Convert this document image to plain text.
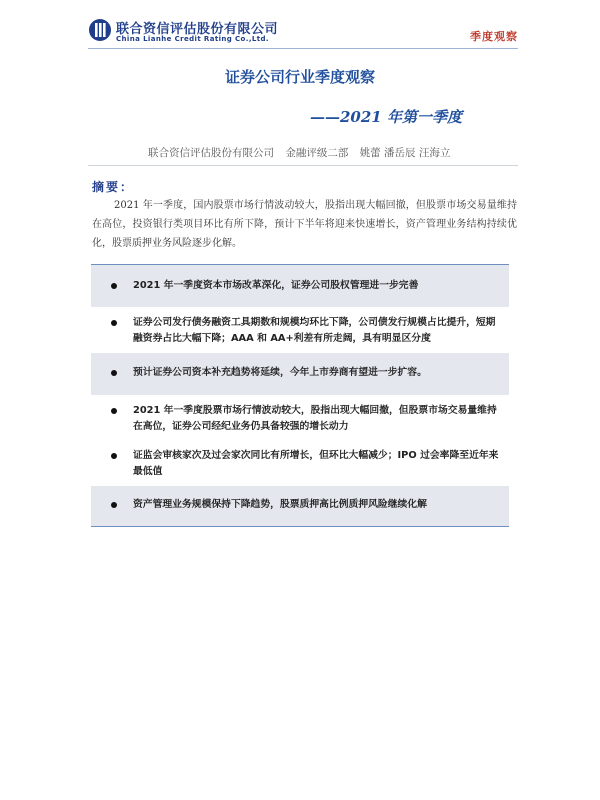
联合资信评估股份有限公司
China Lianhe Credit Rating Co.,Ltd.	季度观察
证券公司行业季度观察
——2021 年第一季度
联合资信评估股份有限公司 金融评级二部 姚蕾 潘岳辰 汪海立
摘要：
2021 年一季度，国内股票市场行情波动较大，股指出现大幅回撤，但股票市场交易量维持在高位，投资银行类项目环比有所下降，预计下半年将迎来快速增长，资产管理业务结构持续优化，股票质押业务风险逐步化解。
2021 年一季度资本市场改革深化，证券公司股权管理进一步完善
证券公司发行债务融资工具期数和规模均环比下降，公司债发行规模占比提升，短期融资券占比大幅下降；AAA 和 AA+利差有所走阔，具有明显区分度
预计证券公司资本补充趋势将延续，今年上市券商有望进一步扩容。
2021 年一季度股票市场行情波动较大，股指出现大幅回撤，但股票市场交易量维持在高位，证券公司经纪业务仍具备较强的增长动力
证监会审核家次及过会家次同比有所增长，但环比大幅减少；IPO 过会率降至近年来最低值
资产管理业务规模保持下降趋势，股票质押高比例质押风险继续化解
